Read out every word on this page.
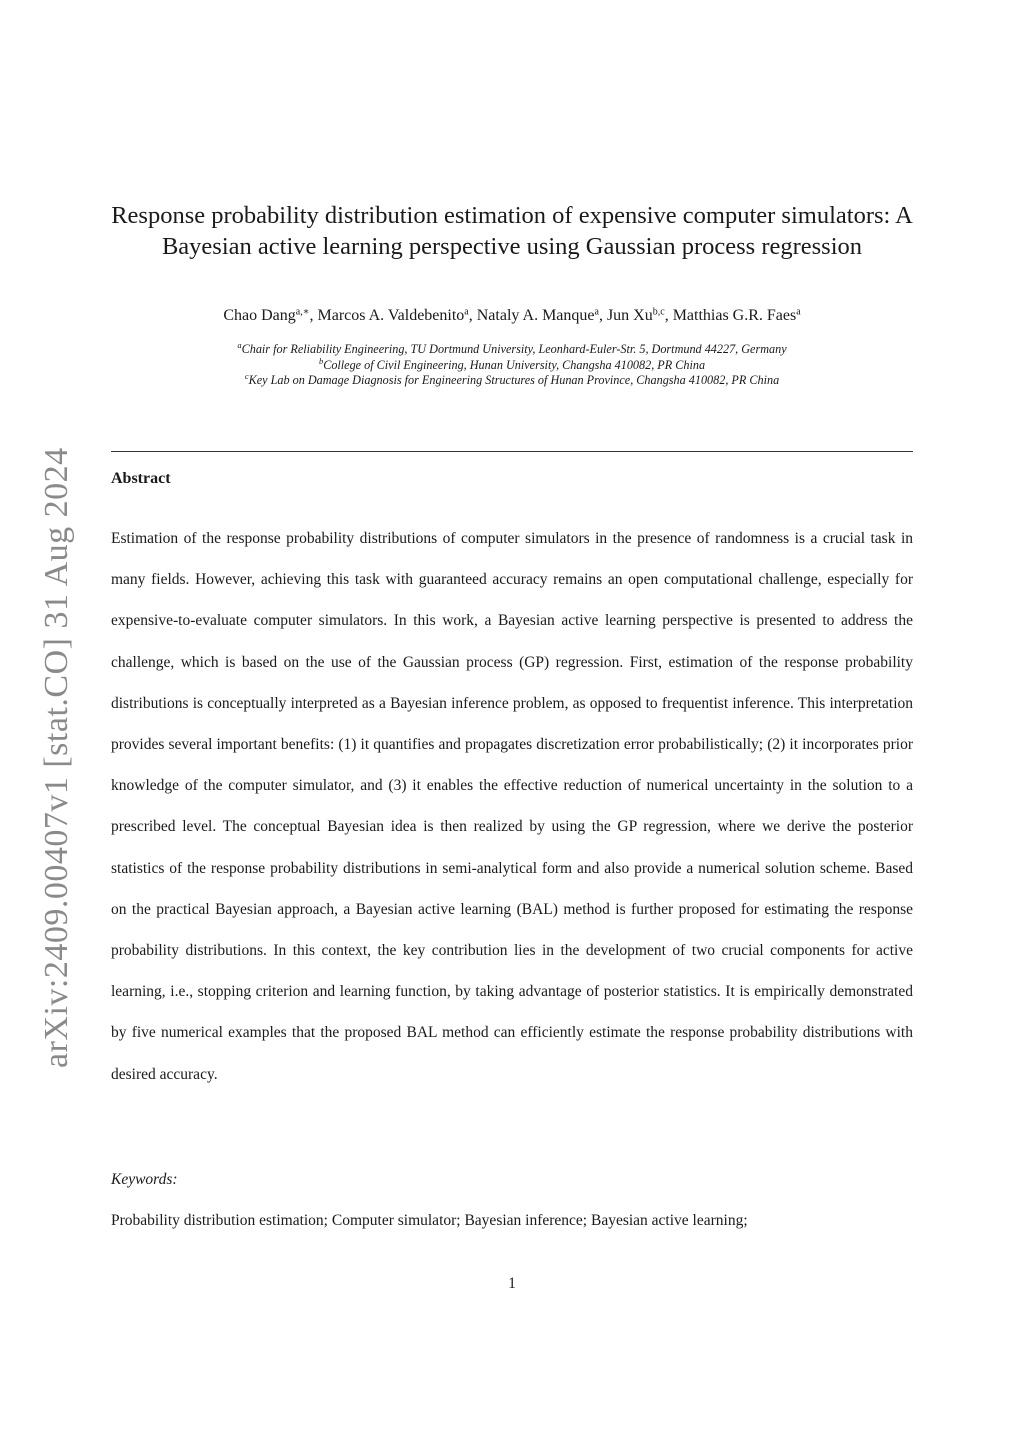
arXiv:2409.00407v1 [stat.CO] 31 Aug 2024
Response probability distribution estimation of expensive computer simulators: A Bayesian active learning perspective using Gaussian process regression
Chao Dang$^{a,∗}$, Marcos A. Valdebenito$^a$, Nataly A. Manque$^a$, Jun Xu$^{b,c}$, Matthias G.R. Faes$^a$
$^a$Chair for Reliability Engineering, TU Dortmund University, Leonhard-Euler-Str. 5, Dortmund 44227, Germany
$^b$College of Civil Engineering, Hunan University, Changsha 410082, PR China
$^c$Key Lab on Damage Diagnosis for Engineering Structures of Hunan Province, Changsha 410082, PR China
Abstract

Estimation of the response probability distributions of computer simulators in the presence of randomness is a crucial task in many fields. However, achieving this task with guaranteed accuracy remains an open computational challenge, especially for expensive-to-evaluate computer simulators. In this work, a Bayesian active learning perspective is presented to address the challenge, which is based on the use of the Gaussian process (GP) regression. First, estimation of the response probability distributions is conceptually interpreted as a Bayesian inference problem, as opposed to frequentist inference. This interpretation provides several important benefits: (1) it quantifies and propagates discretization error probabilistically; (2) it incorporates prior knowledge of the computer simulator, and (3) it enables the effective reduction of numerical uncertainty in the solution to a prescribed level. The conceptual Bayesian idea is then realized by using the GP regression, where we derive the posterior statistics of the response probability distributions in semi-analytical form and also provide a numerical solution scheme. Based on the practical Bayesian approach, a Bayesian active learning (BAL) method is further proposed for estimating the response probability distributions. In this context, the key contribution lies in the development of two crucial components for active learning, i.e., stopping criterion and learning function, by taking advantage of posterior statistics. It is empirically demonstrated by five numerical examples that the proposed BAL method can efficiently estimate the response probability distributions with desired accuracy.

Keywords:
Probability distribution estimation; Computer simulator; Bayesian inference; Bayesian active learning;
1
